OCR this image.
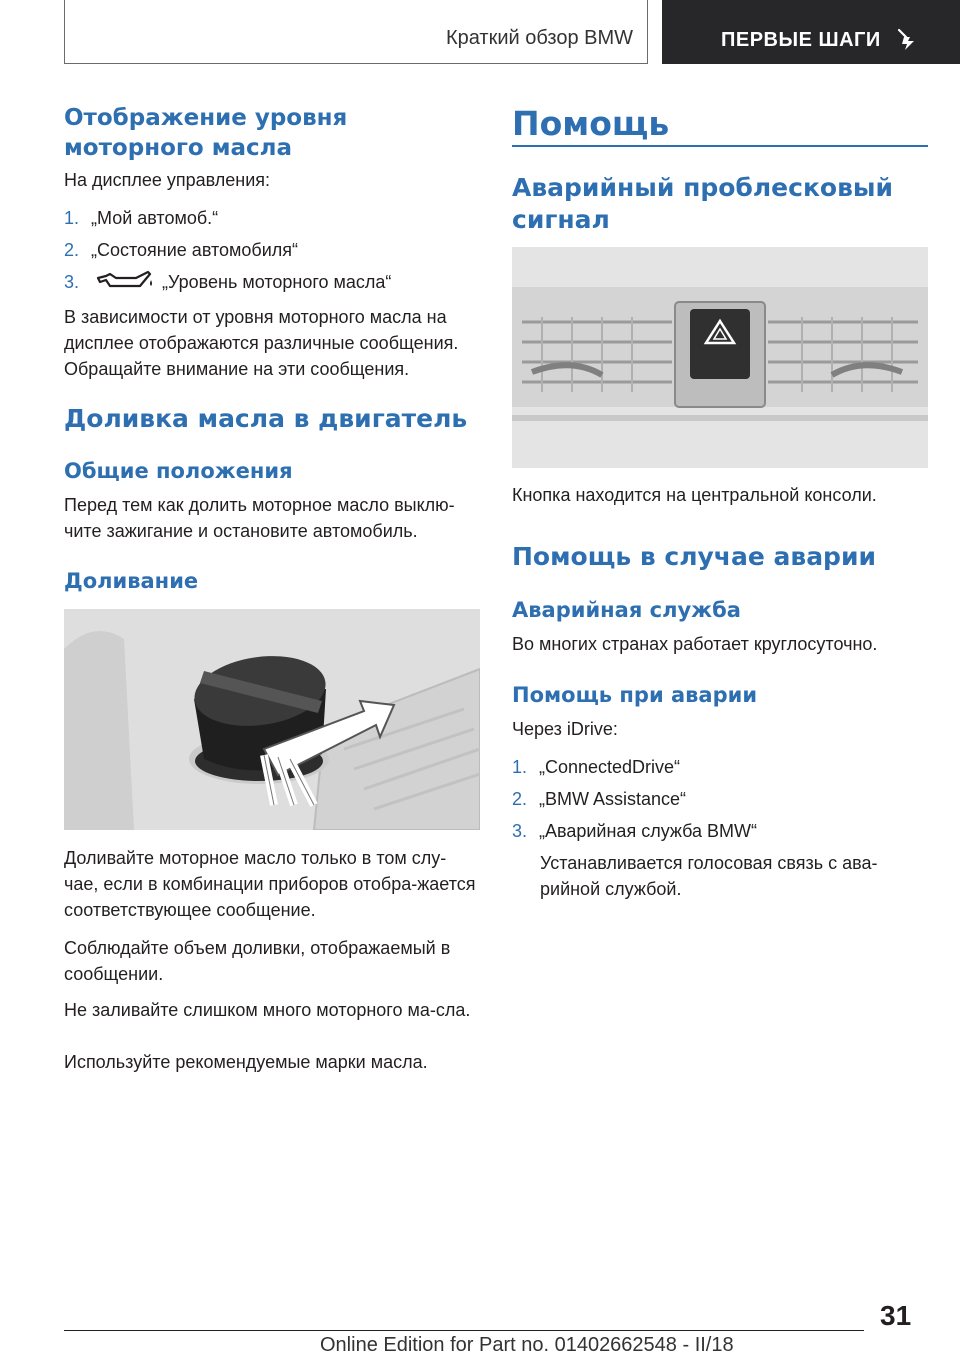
Краткий обзор BMW	ПЕРВЫЕ ШАГИ
Отображение уровня моторного масла
На дисплее управления:
1. „Мой автомоб.“
2. „Состояние автомобиля“
3.	„Уровень моторного масла“
В зависимости от уровня моторного масла на дисплее отображаются различные сообщения. Обращайте внимание на эти сообщения.
Доливка масла в двигатель
Общие положения
Перед тем как долить моторное масло выклю-чите зажигание и остановите автомобиль.
Доливание
Доливайте моторное масло только в том слу-чае, если в комбинации приборов отобра-жается соответствующее сообщение.
Соблюдайте объем доливки, отображаемый в сообщении.
Не заливайте слишком много моторного ма-сла.
Используйте рекомендуемые марки масла.
Помощь
Аварийный проблесковый сигнал
Кнопка находится на центральной консоли.
Помощь в случае аварии
Аварийная служба
Во многих странах работает круглосуточно.
Помощь при аварии
Через iDrive:
1. „ConnectedDrive“
2. „BMW Assistance“
3. „Аварийная служба BMW“
Устанавливается голосовая связь с ава-рийной службой.
31
Online Edition for Part no. 01402662548 - II/18
